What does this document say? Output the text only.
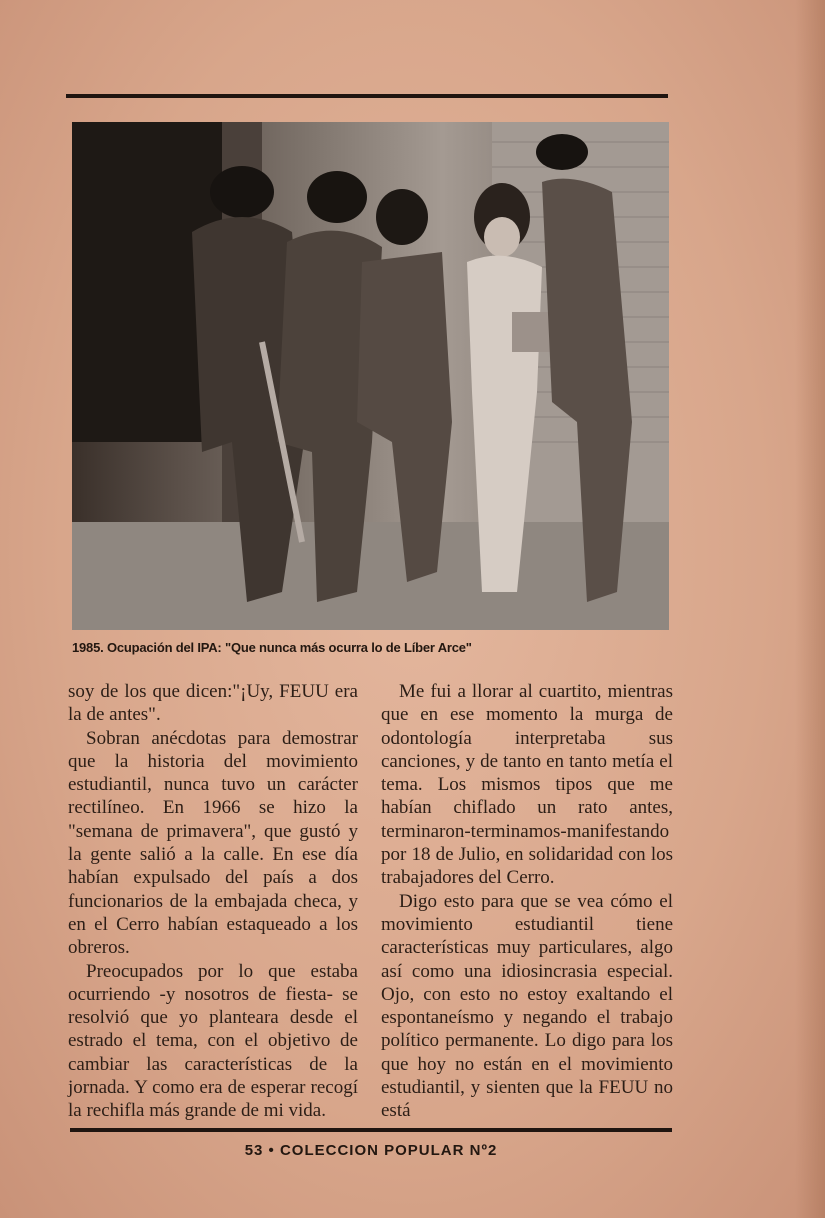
1985. Ocupación del IPA: "Que nunca más ocurra lo de Líber Arce"

soy de los que dicen:"¡Uy, FEUU era la de antes".

Sobran anécdotas para demostrar que la historia del movimiento estudiantil, nunca tuvo un carácter rectilíneo. En 1966 se hizo la "semana de primavera", que gustó y la gente salió a la calle. En ese día habían expulsado del país a dos funcionarios de la embajada checa, y en el Cerro habían estaqueado a los obreros.

Preocupados por lo que estaba ocurriendo -y nosotros de fiesta- se resolvió que yo planteara desde el estrado el tema, con el objetivo de cambiar las características de la jornada. Y como era de esperar recogí la rechifla más grande de mi vida.

Me fui a llorar al cuartito, mientras que en ese momento la murga de odontología interpretaba sus canciones, y de tanto en tanto metía el tema. Los mismos tipos que me habían chiflado un rato antes, terminaron-terminamos-manifestando por 18 de Julio, en solidaridad con los trabajadores del Cerro.

Digo esto para que se vea cómo el movimiento estudiantil tiene características muy particulares, algo así como una idiosincrasia especial. Ojo, con esto no estoy exaltando el espontaneísmo y negando el trabajo político permanente. Lo digo para los que hoy no están en el movimiento estudiantil, y sienten que la FEUU no está

53 • COLECCION POPULAR Nº2
